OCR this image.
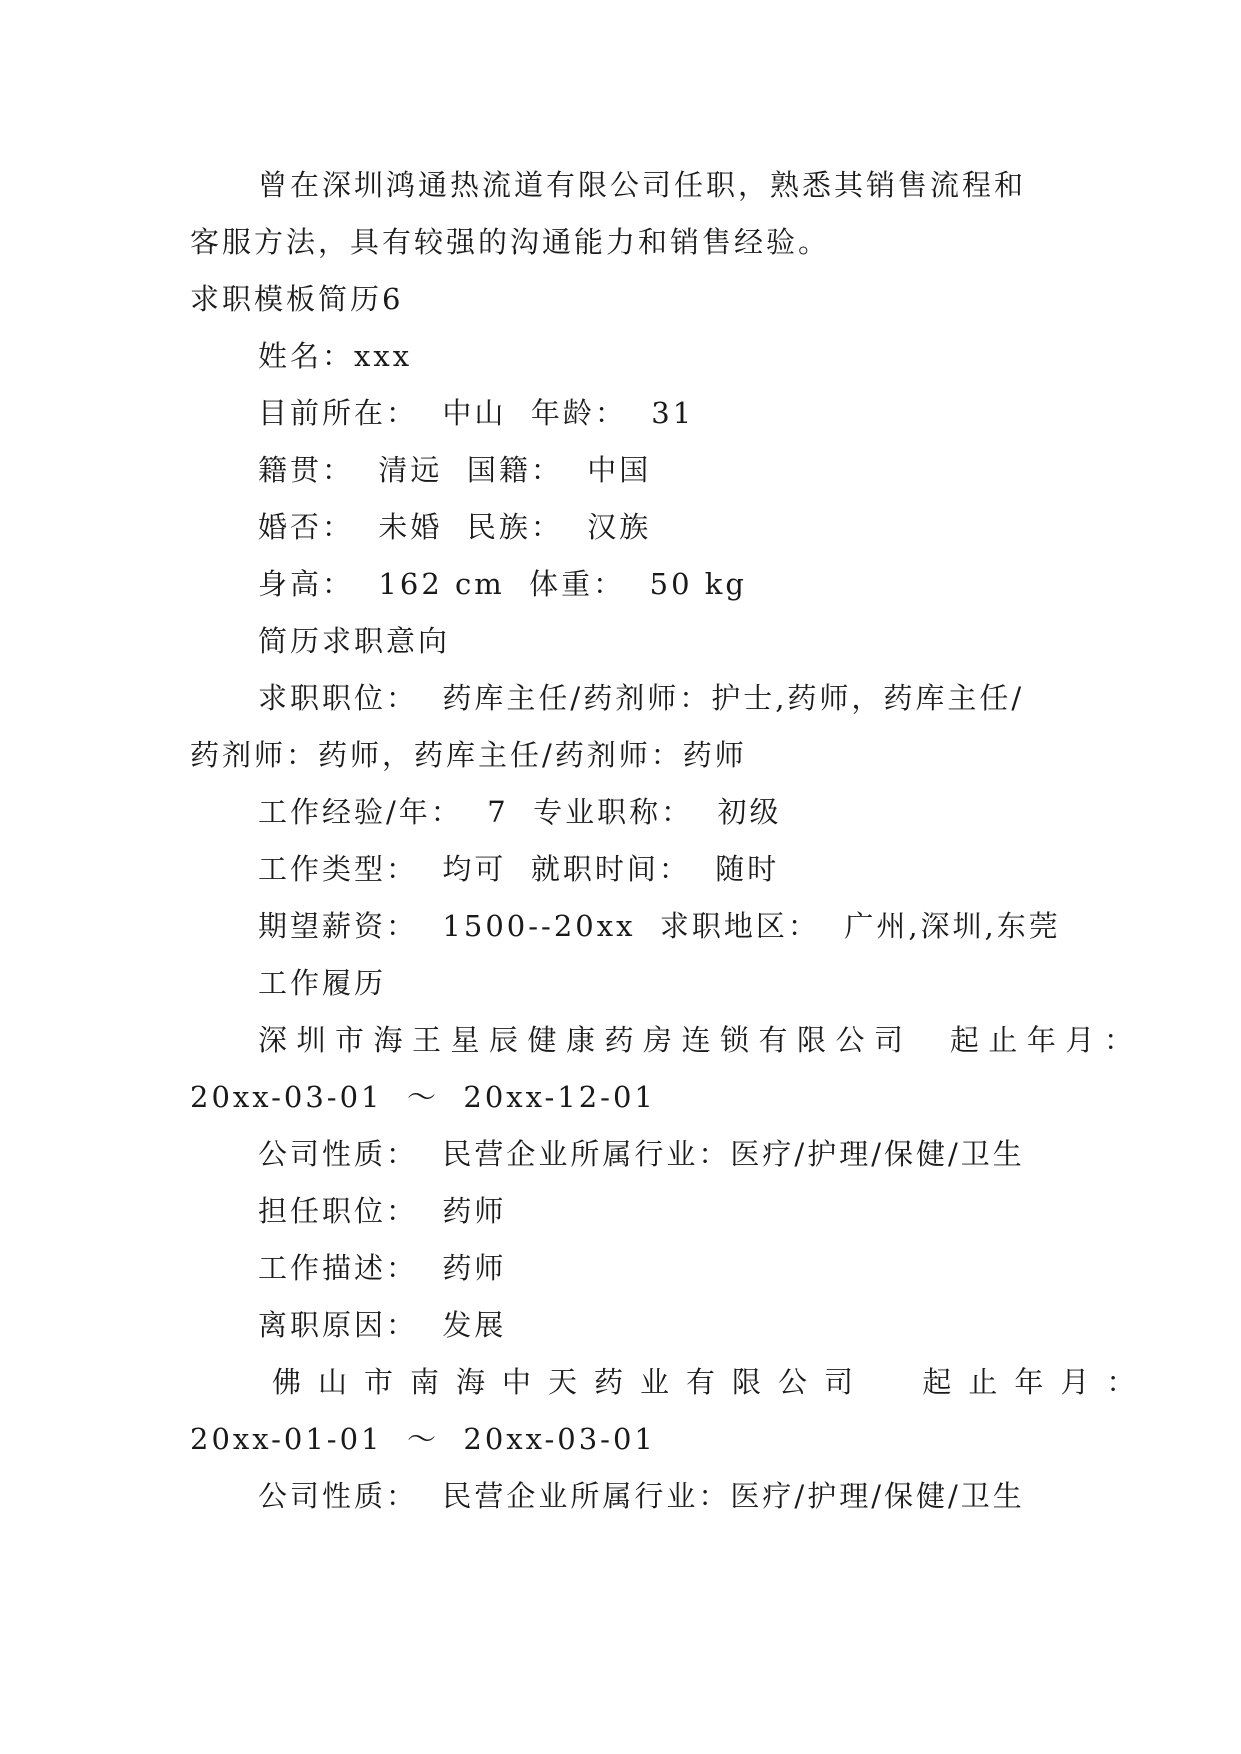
曾在深圳鸿通热流道有限公司任职，熟悉其销售流程和
客服方法，具有较强的沟通能力和销售经验。
求职模板简历6
姓名：xxx
目前所在：  中山  年龄：  31
籍贯：  清远  国籍：  中国
婚否：  未婚  民族：  汉族
身高：  162 cm  体重：  50 kg
简历求职意向
求职职位：  药库主任/药剂师：护士,药师，药库主任/
药剂师：药师，药库主任/药剂师：药师
工作经验/年：  7  专业职称：  初级
工作类型：  均可  就职时间：  随时
期望薪资：  1500--20xx  求职地区：  广州,深圳,东莞
工作履历
深圳市海王星辰健康药房连锁有限公司  起止年月：
20xx-03-01  ～  20xx-12-01
公司性质：  民营企业所属行业：医疗/护理/保健/卫生
担任职位：  药师
工作描述：  药师
离职原因：  发展
佛山市南海中天药业有限公司  起止年月：
20xx-01-01  ～  20xx-03-01
公司性质：  民营企业所属行业：医疗/护理/保健/卫生
